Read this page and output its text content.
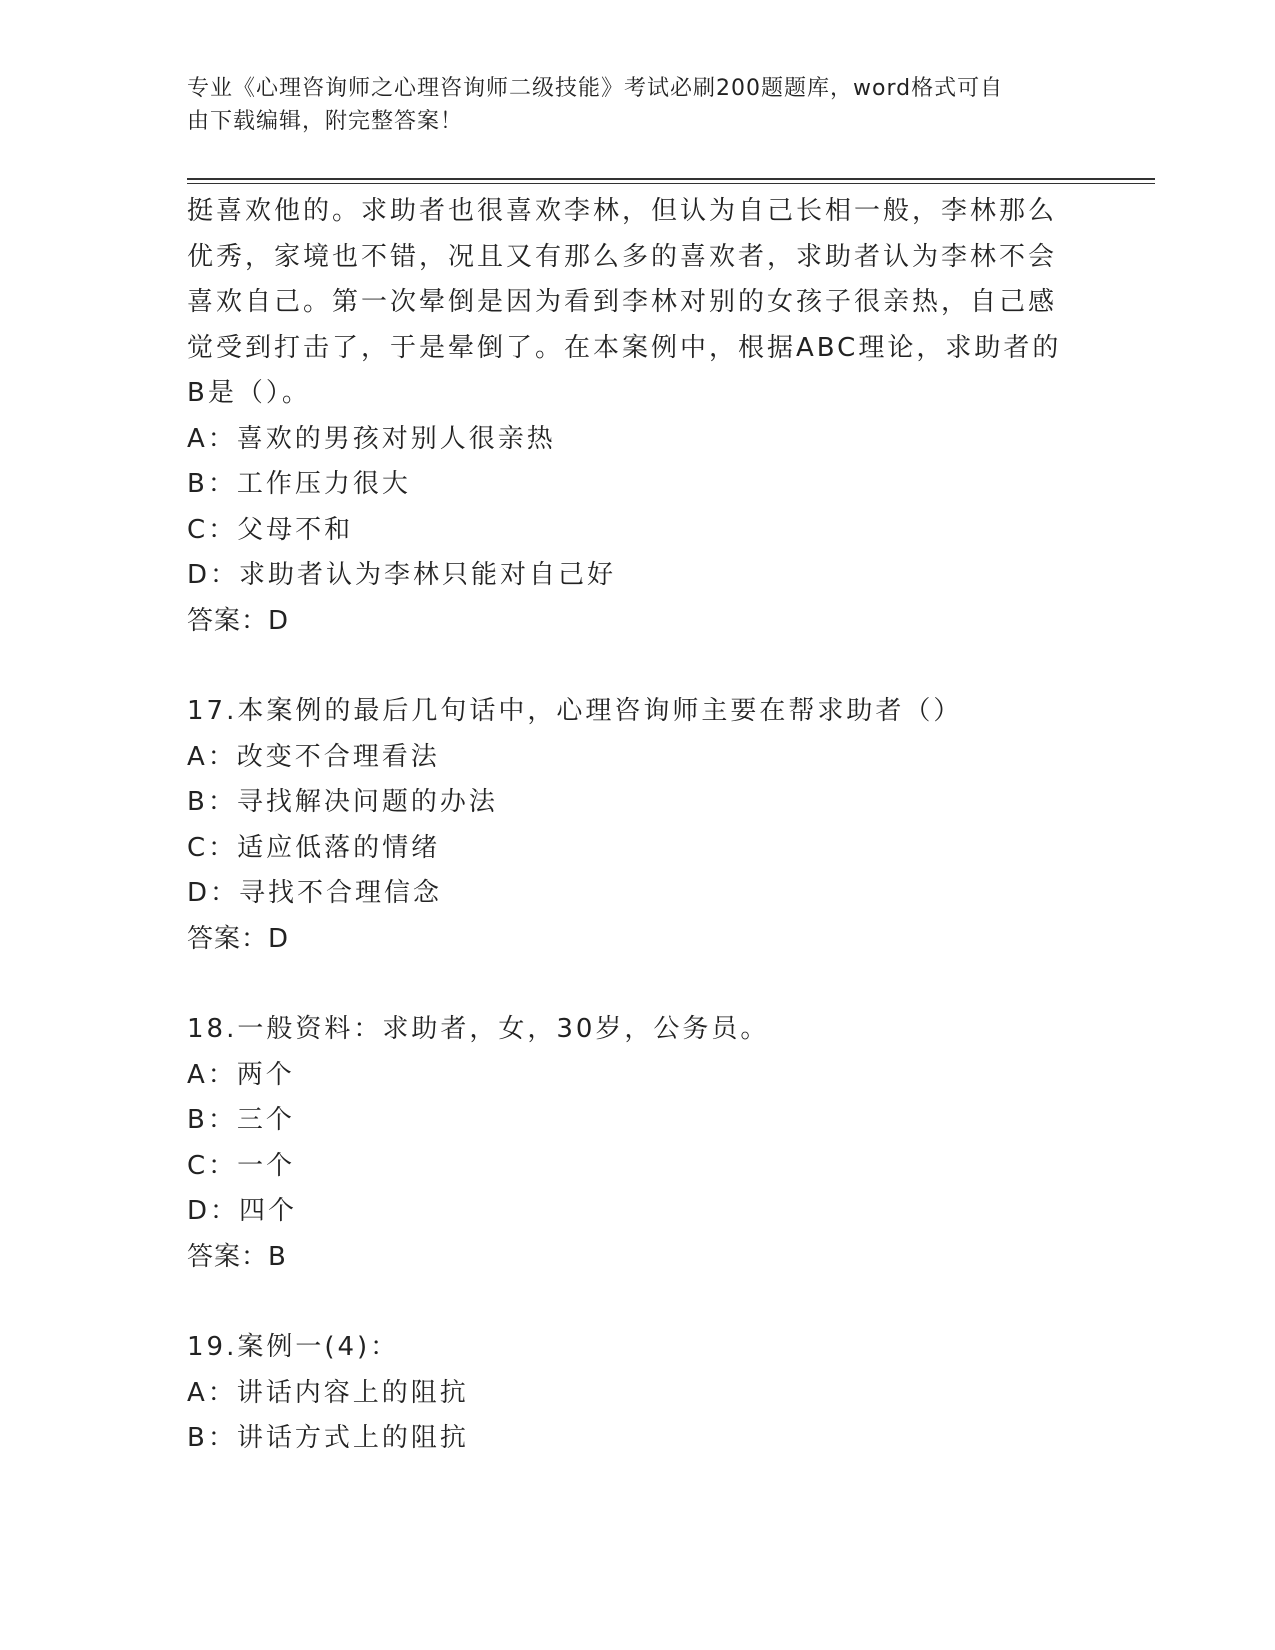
专业《心理咨询师之心理咨询师二级技能》考试必刷200题题库，word格式可自
由下载编辑，附完整答案！
挺喜欢他的。求助者也很喜欢李林，但认为自己长相一般，李林那么
优秀，家境也不错，况且又有那么多的喜欢者，求助者认为李林不会
喜欢自己。第一次晕倒是因为看到李林对别的女孩子很亲热，自己感
觉受到打击了，于是晕倒了。在本案例中，根据ABC理论，求助者的
B是（）。
A：喜欢的男孩对别人很亲热
B：工作压力很大
C：父母不和
D：求助者认为李林只能对自己好
答案：D
17.本案例的最后几句话中，心理咨询师主要在帮求助者（）
A：改变不合理看法
B：寻找解决问题的办法
C：适应低落的情绪
D：寻找不合理信念
答案：D
18.一般资料：求助者，女，30岁，公务员。
A：两个
B：三个
C：一个
D：四个
答案：B
19.案例一(4)：
A：讲话内容上的阻抗
B：讲话方式上的阻抗
